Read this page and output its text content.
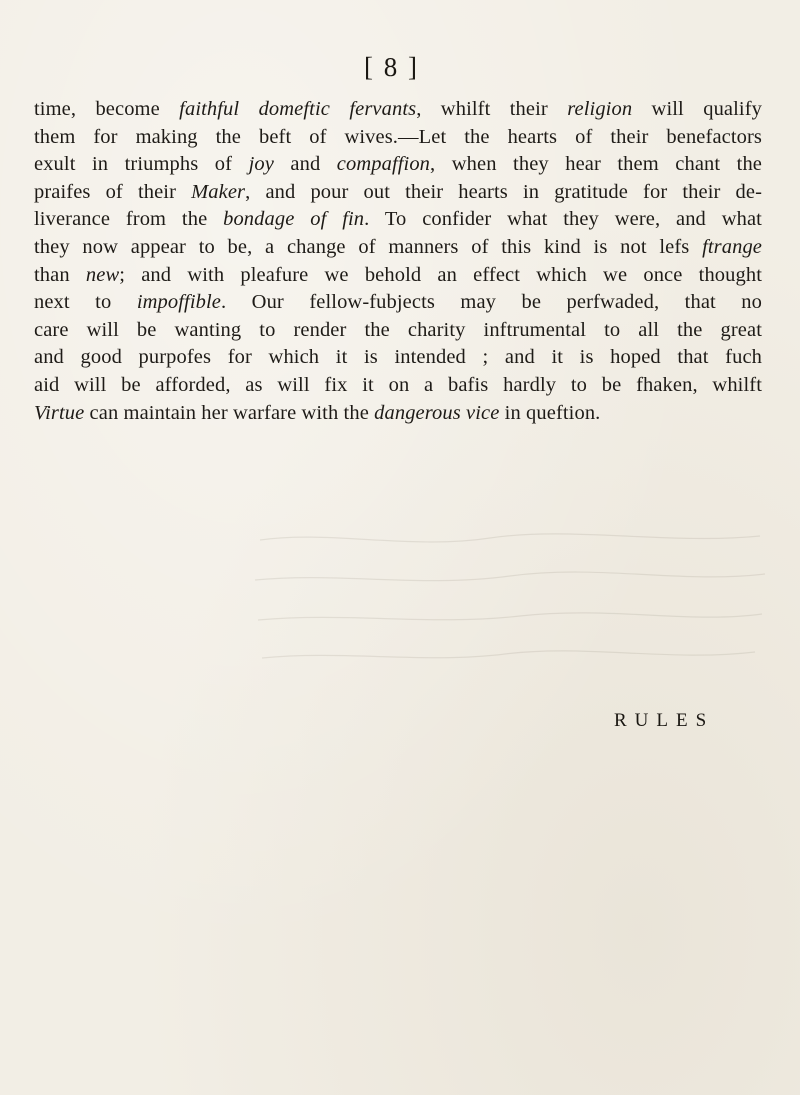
[ 8 ]
time, become faithful domeftic fervants, whilft their religion will qualify
them for making the beft of wives.—Let the hearts of their benefactors
exult in triumphs of joy and compaffion, when they hear them chant the
praifes of their Maker, and pour out their hearts in gratitude for their de-
liverance from the bondage of fin. To confider what they were, and what
they now appear to be, a change of manners of this kind is not lefs ftrange
than new; and with pleafure we behold an effect which we once thought
next to impoffible. Our fellow-fubjects may be perfwaded, that no
care will be wanting to render the charity inftrumental to all the great
and good purpofes for which it is intended ; and it is hoped that fuch
aid will be afforded, as will fix it on a bafis hardly to be fhaken, whilft
Virtue can maintain her warfare with the dangerous vice in queftion.
RULES
